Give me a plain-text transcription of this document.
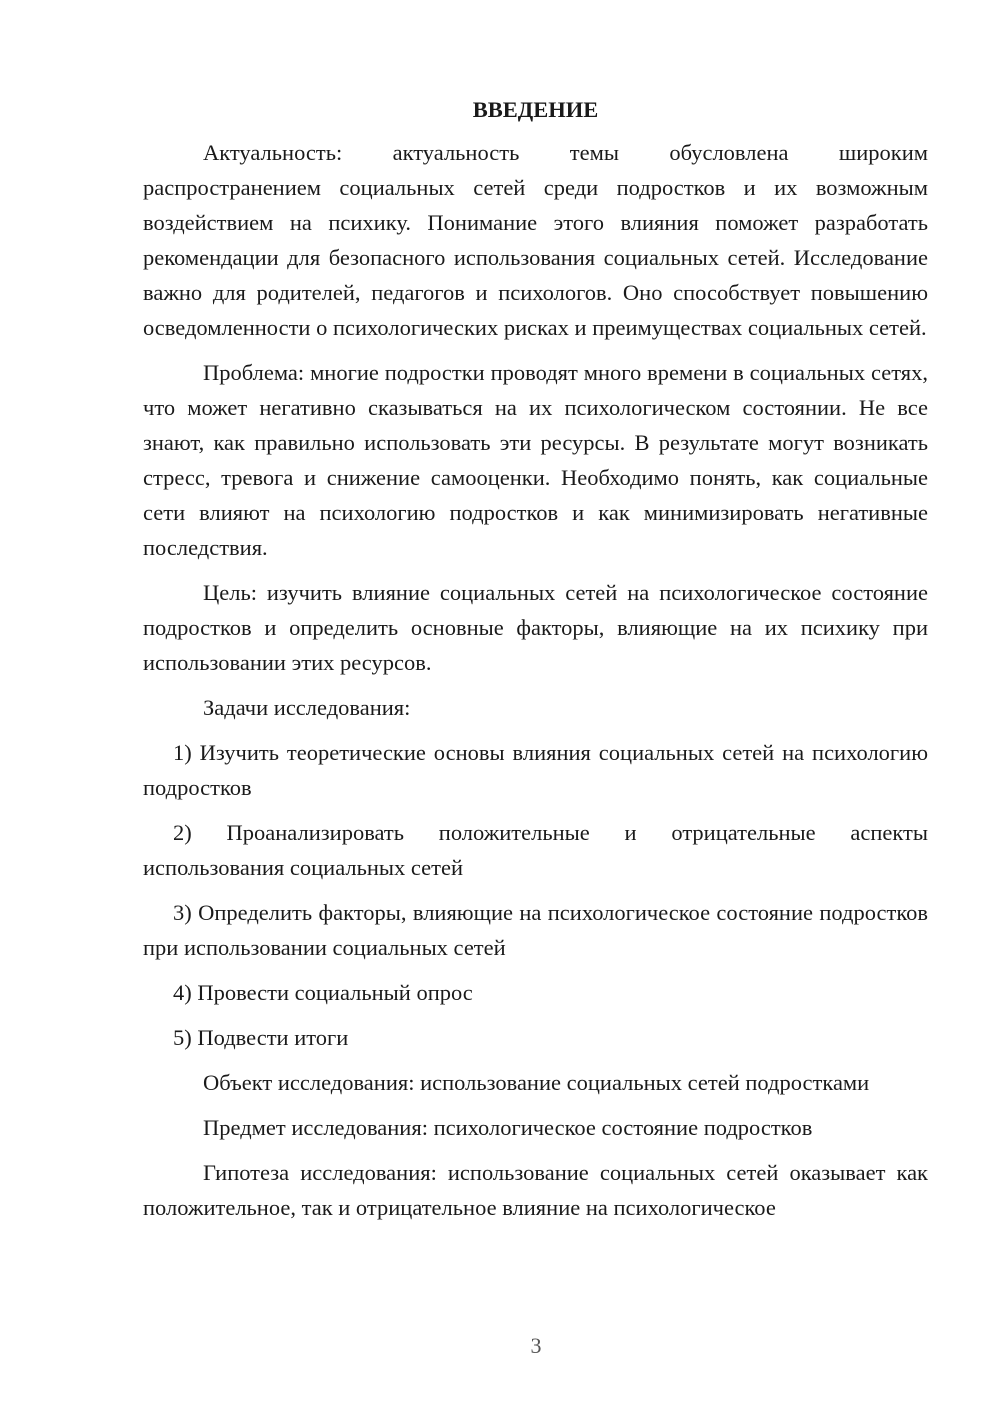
ВВЕДЕНИЕ

Актуальность: актуальность темы обусловлена широким распространением социальных сетей среди подростков и их возможным воздействием на психику. Понимание этого влияния поможет разработать рекомендации для безопасного использования социальных сетей. Исследование важно для родителей, педагогов и психологов. Оно способствует повышению осведомленности о психологических рисках и преимуществах социальных сетей.

Проблема: многие подростки проводят много времени в социальных сетях, что может негативно сказываться на их психологическом состоянии. Не все знают, как правильно использовать эти ресурсы. В результате могут возникать стресс, тревога и снижение самооценки. Необходимо понять, как социальные сети влияют на психологию подростков и как минимизировать негативные последствия.

Цель: изучить влияние социальных сетей на психологическое состояние подростков и определить основные факторы, влияющие на их психику при использовании этих ресурсов.

Задачи исследования:

1) Изучить теоретические основы влияния социальных сетей на психологию подростков

2) Проанализировать положительные и отрицательные аспекты использования социальных сетей

3) Определить факторы, влияющие на психологическое состояние подростков при использовании социальных сетей

4) Провести социальный опрос

5) Подвести итоги

Объект исследования: использование социальных сетей подростками

Предмет исследования: психологическое состояние подростков

Гипотеза исследования: использование социальных сетей оказывает как положительное, так и отрицательное влияние на психологическое

3
